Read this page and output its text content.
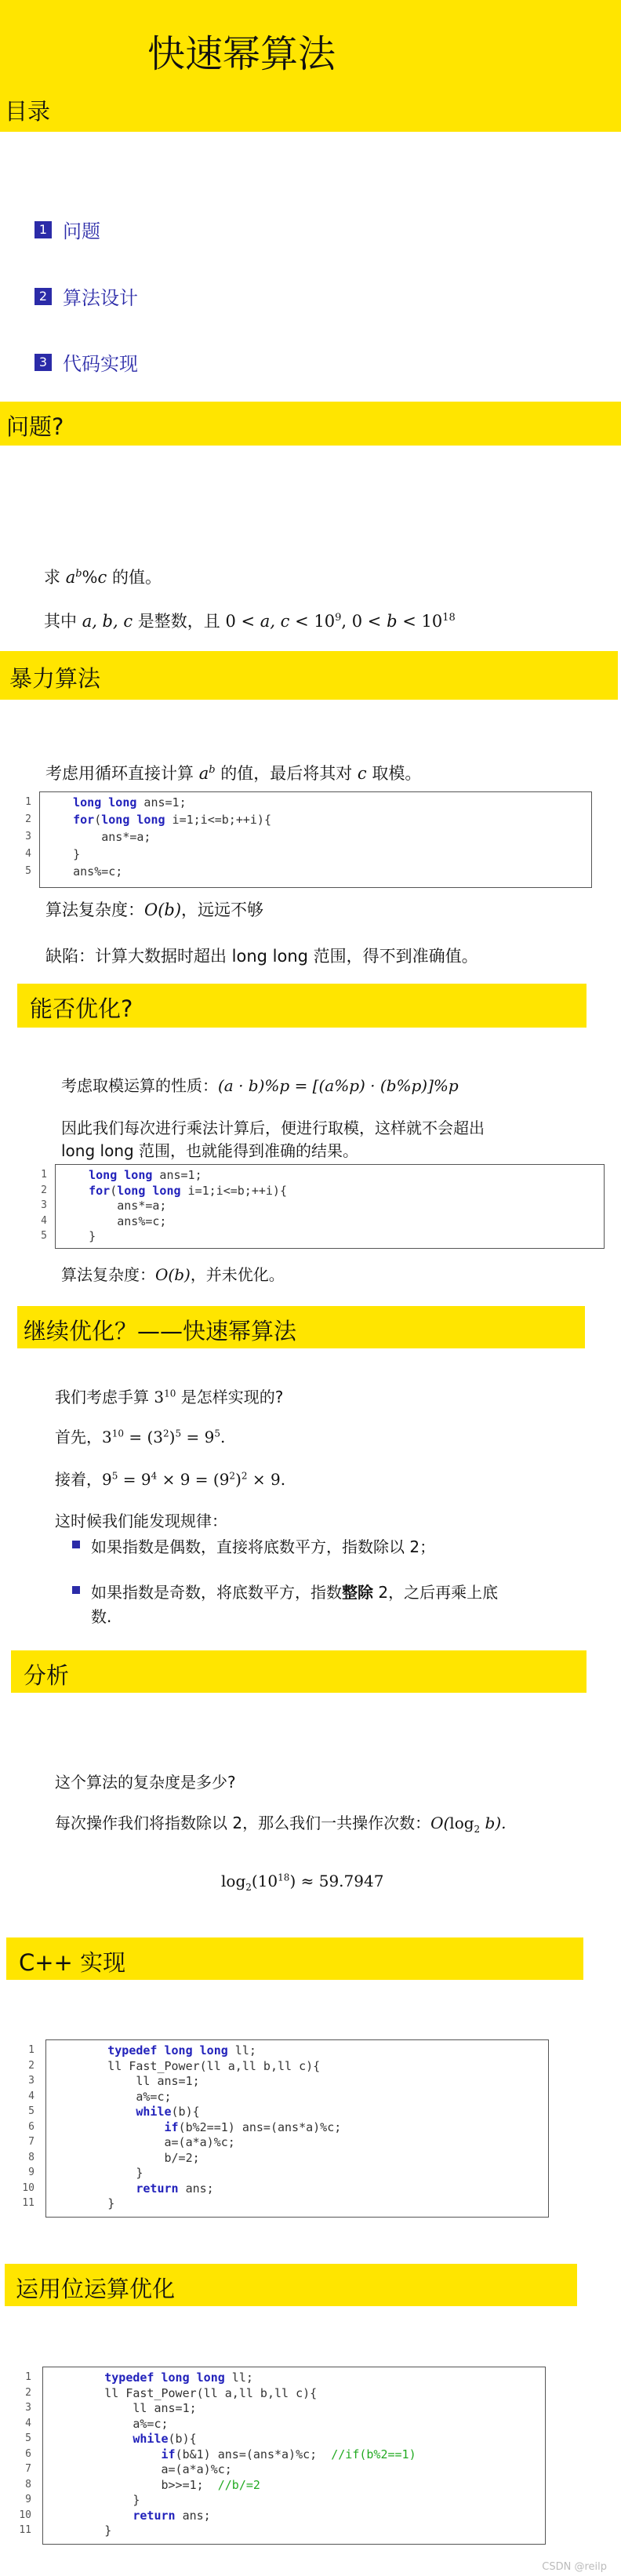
快速幂算法
目录
1 问题
2 算法设计
3 代码实现
问题?
求 $a^b\%c$ 的值。
其中 a, b, c 是整数，且 0 < a, $c < 10^9$, $0 < b < 10^{18}$
暴力算法
考虑用循环直接计算 $a^b$ 的值，最后将其对 c 取模。
long long ans=1;
for(long long i=1;i<=b;++i){
ans*=a;
}
ans%=c;
算法复杂度：O(b)，远远不够
缺陷：计算大数据时超出 long long 范围，得不到准确值。
能否优化?
考虑取模运算的性质：(a · b)%p = [(a%p) · (b%p)]%p
因此我们每次进行乘法计算后，便进行取模，这样就不会超出
long long 范围，也就能得到准确的结果。
long long ans=1;
for(long long i=1;i<=b;++i){
ans*=a;
ans%=c;
}
算法复杂度：O(b)，并未优化。
继续优化？——快速幂算法
我们考虑手算 $3^{10}$ 是怎样实现的?
首先，$3^{10} = (3^2)^5 = 9^5$.
接着，$9^5 = 9^4 \times 9 = (9^2)^2 \times 9$.
这时候我们能发现规律：
如果指数是偶数，直接将底数平方，指数除以 2；
如果指数是奇数，将底数平方，指数整除 2，之后再乘上底
数.
分析
这个算法的复杂度是多少?
每次操作我们将指数除以 2，那么我们一共操作次数：$O(\log_2$ b).
$\log_2(10^{18}) \approx 59.7947$
C++ 实现
typedef long long ll;
ll Fast_Power(ll a,ll b,ll c){
ll ans=1;
a%=c;
while(b){
if(b%2==1) ans=(ans*a)%c;
a=(a*a)%c;
b/=2;
}
return ans;
}
运用位运算优化
typedef long long ll;
ll Fast_Power(ll a,ll b,ll c){
ll ans=1;
a%=c;
while(b){
if(b&1) ans=(ans*a)%c;  //if(b%2==1)
a=(a*a)%c;
b>>=1;  //b/=2
}
return ans;
}
CSDN @reilp
1
2
3
4
5
1
2
3
4
5
1
2
3
4
5
6
7
8
9
10
11
1
2
3
4
5
6
7
8
9
10
11
